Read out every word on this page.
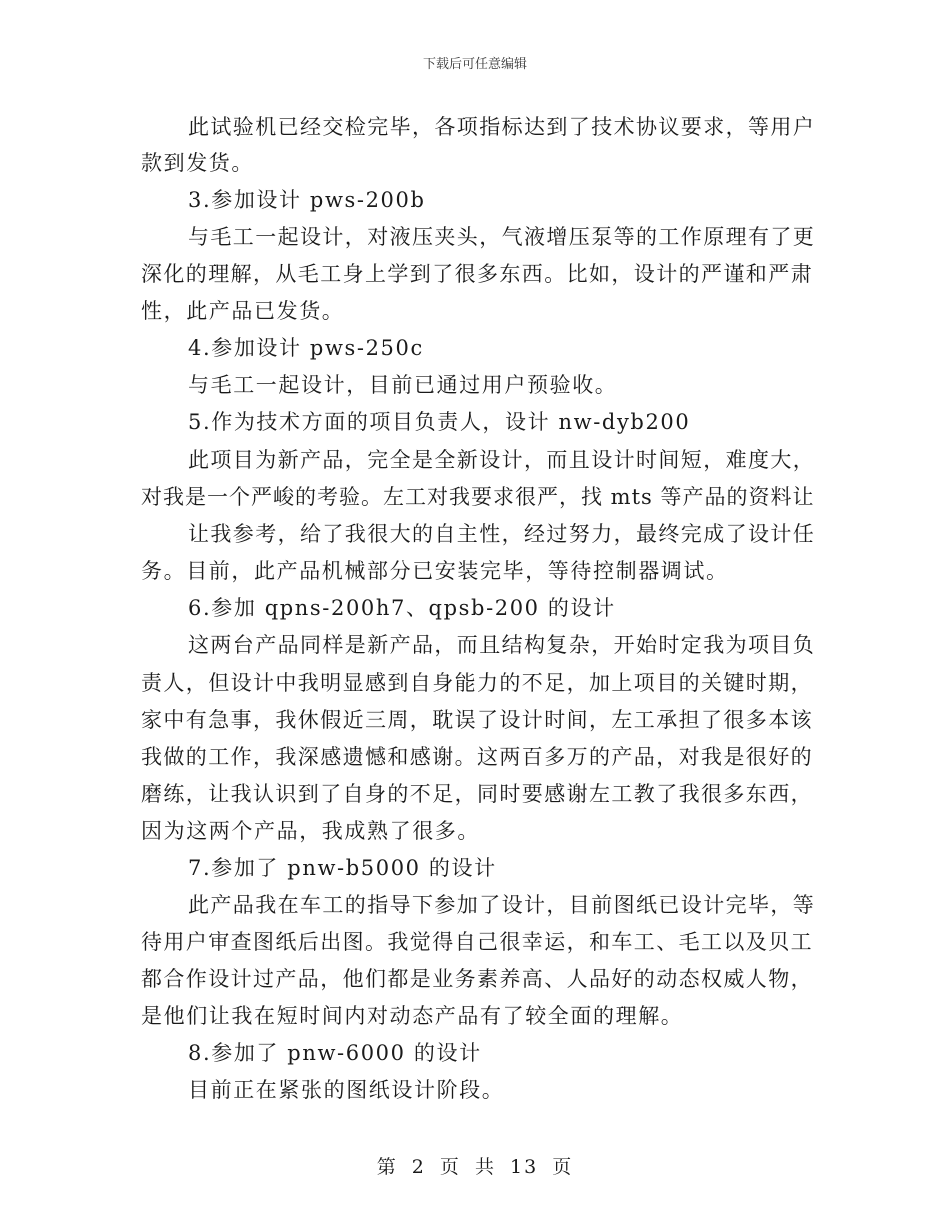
下载后可任意编辑
此试验机已经交检完毕，各项指标达到了技术协议要求，等用户
款到发货。
3.参加设计 pws-200b
与毛工一起设计，对液压夹头，气液增压泵等的工作原理有了更
深化的理解，从毛工身上学到了很多东西。比如，设计的严谨和严肃
性，此产品已发货。
4.参加设计 pws-250c
与毛工一起设计，目前已通过用户预验收。
5.作为技术方面的项目负责人，设计 nw-dyb200
此项目为新产品，完全是全新设计，而且设计时间短，难度大，
对我是一个严峻的考验。左工对我要求很严，找 mts 等产品的资料让
让我参考，给了我很大的自主性，经过努力，最终完成了设计任
务。目前，此产品机械部分已安装完毕，等待控制器调试。
6.参加 qpns-200h7、qpsb-200 的设计
这两台产品同样是新产品，而且结构复杂，开始时定我为项目负
责人，但设计中我明显感到自身能力的不足，加上项目的关键时期，
家中有急事，我休假近三周，耽误了设计时间，左工承担了很多本该
我做的工作，我深感遗憾和感谢。这两百多万的产品，对我是很好的
磨练，让我认识到了自身的不足，同时要感谢左工教了我很多东西，
因为这两个产品，我成熟了很多。
7.参加了 pnw-b5000 的设计
此产品我在车工的指导下参加了设计，目前图纸已设计完毕，等
待用户审查图纸后出图。我觉得自己很幸运，和车工、毛工以及贝工
都合作设计过产品，他们都是业务素养高、人品好的动态权威人物，
是他们让我在短时间内对动态产品有了较全面的理解。
8.参加了 pnw-6000 的设计
目前正在紧张的图纸设计阶段。
第 2 页 共 13 页
